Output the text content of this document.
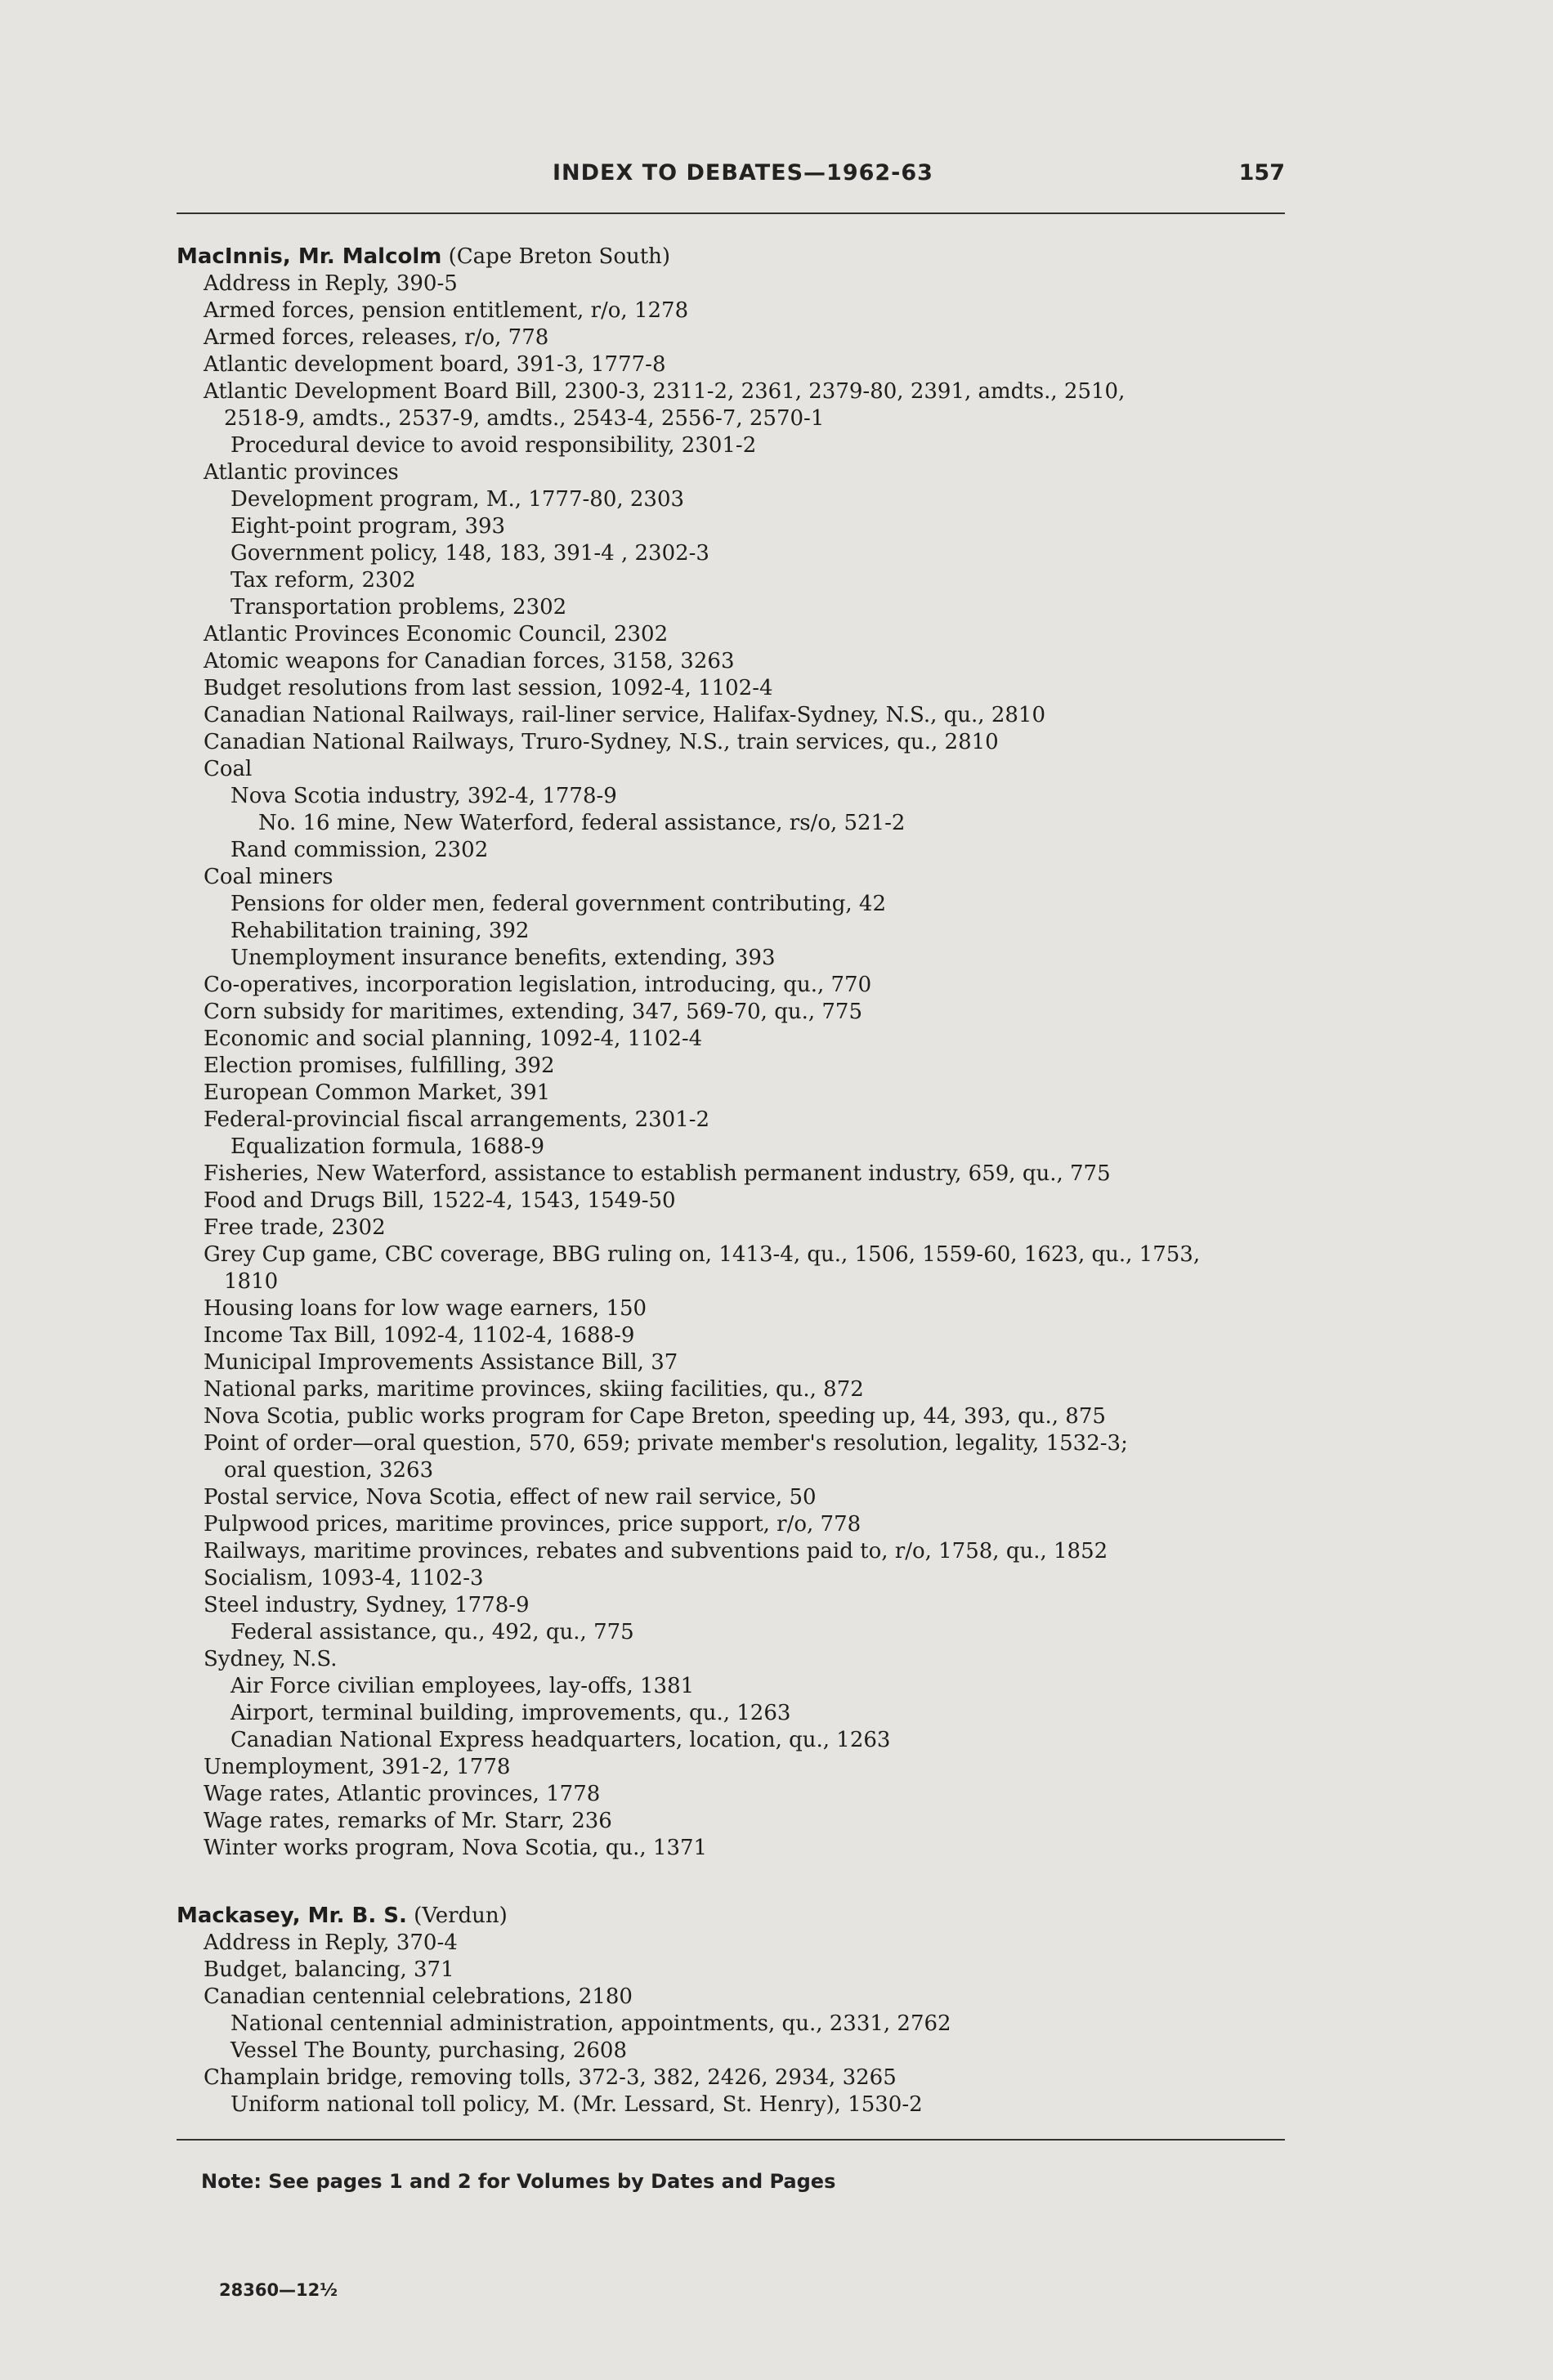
INDEX TO DEBATES—1962-63	157
MacInnis, Mr. Malcolm (Cape Breton South)
Address in Reply, 390-5
Armed forces, pension entitlement, r/o, 1278
Armed forces, releases, r/o, 778
Atlantic development board, 391-3, 1777-8
Atlantic Development Board Bill, 2300-3, 2311-2, 2361, 2379-80, 2391, amdts., 2510,
2518-9, amdts., 2537-9, amdts., 2543-4, 2556-7, 2570-1
Procedural device to avoid responsibility, 2301-2
Atlantic provinces
Development program, M., 1777-80, 2303
Eight-point program, 393
Government policy, 148, 183, 391-4 , 2302-3
Tax reform, 2302
Transportation problems, 2302
Atlantic Provinces Economic Council, 2302
Atomic weapons for Canadian forces, 3158, 3263
Budget resolutions from last session, 1092-4, 1102-4
Canadian National Railways, rail-liner service, Halifax-Sydney, N.S., qu., 2810
Canadian National Railways, Truro-Sydney, N.S., train services, qu., 2810
Coal
Nova Scotia industry, 392-4, 1778-9
No. 16 mine, New Waterford, federal assistance, rs/o, 521-2
Rand commission, 2302
Coal miners
Pensions for older men, federal government contributing, 42
Rehabilitation training, 392
Unemployment insurance benefits, extending, 393
Co-operatives, incorporation legislation, introducing, qu., 770
Corn subsidy for maritimes, extending, 347, 569-70, qu., 775
Economic and social planning, 1092-4, 1102-4
Election promises, fulfilling, 392
European Common Market, 391
Federal-provincial fiscal arrangements, 2301-2
Equalization formula, 1688-9
Fisheries, New Waterford, assistance to establish permanent industry, 659, qu., 775
Food and Drugs Bill, 1522-4, 1543, 1549-50
Free trade, 2302
Grey Cup game, CBC coverage, BBG ruling on, 1413-4, qu., 1506, 1559-60, 1623, qu., 1753,
1810
Housing loans for low wage earners, 150
Income Tax Bill, 1092-4, 1102-4, 1688-9
Municipal Improvements Assistance Bill, 37
National parks, maritime provinces, skiing facilities, qu., 872
Nova Scotia, public works program for Cape Breton, speeding up, 44, 393, qu., 875
Point of order—oral question, 570, 659; private member's resolution, legality, 1532-3;
oral question, 3263
Postal service, Nova Scotia, effect of new rail service, 50
Pulpwood prices, maritime provinces, price support, r/o, 778
Railways, maritime provinces, rebates and subventions paid to, r/o, 1758, qu., 1852
Socialism, 1093-4, 1102-3
Steel industry, Sydney, 1778-9
Federal assistance, qu., 492, qu., 775
Sydney, N.S.
Air Force civilian employees, lay-offs, 1381
Airport, terminal building, improvements, qu., 1263
Canadian National Express headquarters, location, qu., 1263
Unemployment, 391-2, 1778
Wage rates, Atlantic provinces, 1778
Wage rates, remarks of Mr. Starr, 236
Winter works program, Nova Scotia, qu., 1371
Mackasey, Mr. B. S. (Verdun)
Address in Reply, 370-4
Budget, balancing, 371
Canadian centennial celebrations, 2180
National centennial administration, appointments, qu., 2331, 2762
Vessel The Bounty, purchasing, 2608
Champlain bridge, removing tolls, 372-3, 382, 2426, 2934, 3265
Uniform national toll policy, M. (Mr. Lessard, St. Henry), 1530-2
Note: See pages 1 and 2 for Volumes by Dates and Pages
28360—12½
